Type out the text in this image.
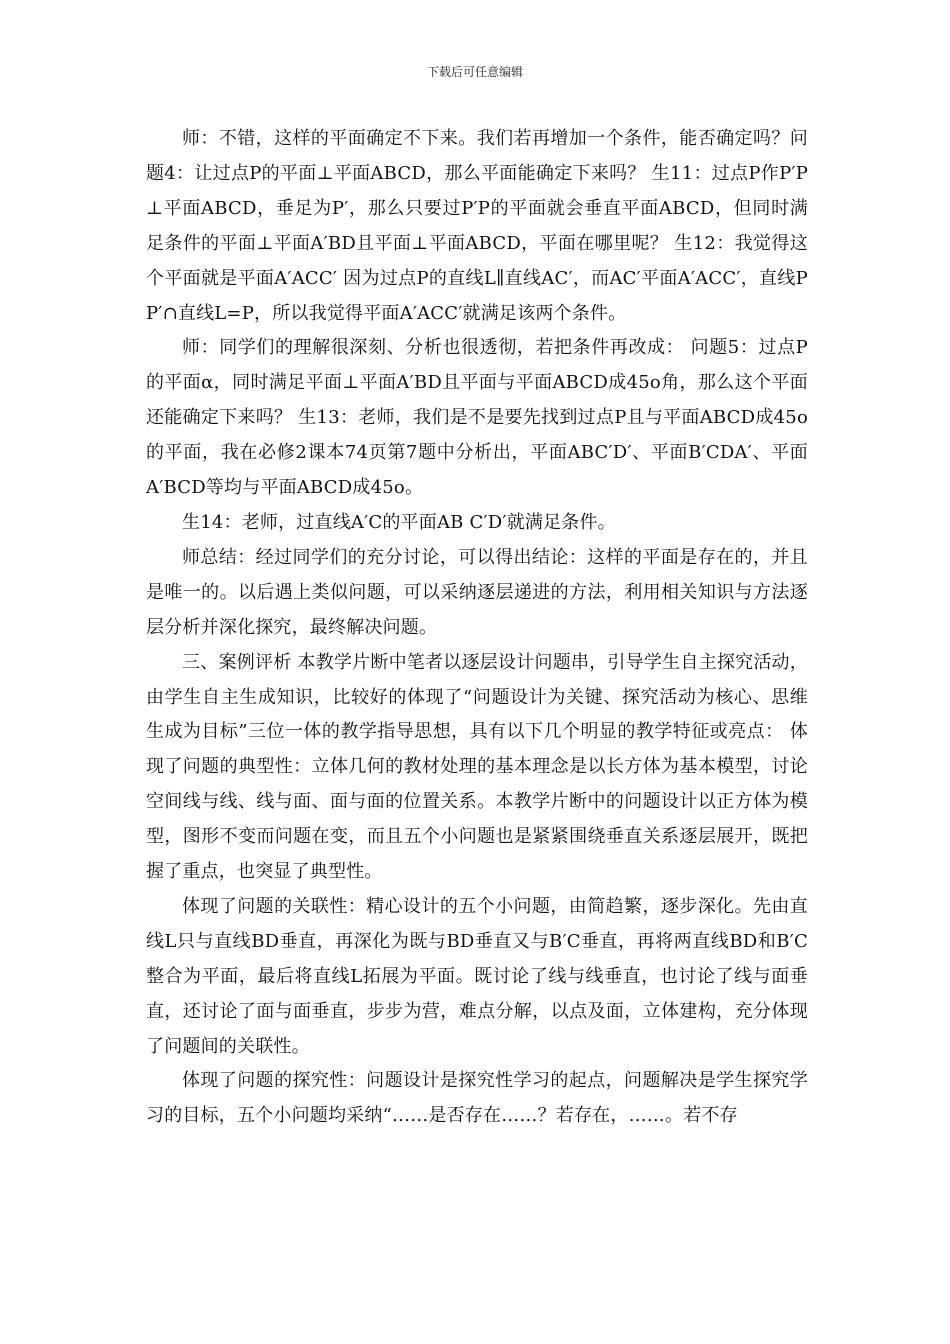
下载后可任意编辑

师：不错，这样的平面确定不下来。我们若再增加一个条件，能否确定吗？问题4：让过点P的平面⊥平面ABCD，那么平面能确定下来吗？ 生11：过点P作P′P⊥平面ABCD，垂足为P′，那么只要过P′P的平面就会垂直平面ABCD，但同时满足条件的平面⊥平面A′BD且平面⊥平面ABCD，平面在哪里呢？ 生12：我觉得这个平面就是平面A′ACC′ 因为过点P的直线L∥直线AC′，而AC′平面A′ACC′，直线PP′∩直线L=P，所以我觉得平面A′ACC′就满足该两个条件。

师：同学们的理解很深刻、分析也很透彻，若把条件再改成： 问题5：过点P的平面α，同时满足平面⊥平面A′BD且平面与平面ABCD成45o角，那么这个平面还能确定下来吗？ 生13：老师，我们是不是要先找到过点P且与平面ABCD成45o的平面，我在必修2课本74页第7题中分析出，平面ABC′D′、平面B′CDA′、平面A′BCD等均与平面ABCD成45o。

生14：老师，过直线A′C的平面AB C′D′就满足条件。

师总结：经过同学们的充分讨论，可以得出结论：这样的平面是存在的，并且是唯一的。以后遇上类似问题，可以采纳逐层递进的方法，利用相关知识与方法逐层分析并深化探究，最终解决问题。

三、案例评析 本教学片断中笔者以逐层设计问题串，引导学生自主探究活动，由学生自主生成知识，比较好的体现了“问题设计为关键、探究活动为核心、思维生成为目标”三位一体的教学指导思想，具有以下几个明显的教学特征或亮点： 体现了问题的典型性：立体几何的教材处理的基本理念是以长方体为基本模型，讨论空间线与线、线与面、面与面的位置关系。本教学片断中的问题设计以正方体为模型，图形不变而问题在变，而且五个小问题也是紧紧围绕垂直关系逐层展开，既把握了重点，也突显了典型性。

体现了问题的关联性：精心设计的五个小问题，由简趋繁，逐步深化。先由直线L只与直线BD垂直，再深化为既与BD垂直又与B′C垂直，再将两直线BD和B′C整合为平面，最后将直线L拓展为平面。既讨论了线与线垂直，也讨论了线与面垂直，还讨论了面与面垂直，步步为营，难点分解，以点及面，立体建构，充分体现了问题间的关联性。

体现了问题的探究性：问题设计是探究性学习的起点，问题解决是学生探究学习的目标，五个小问题均采纳“……是否存在……？若存在，……。若不存
